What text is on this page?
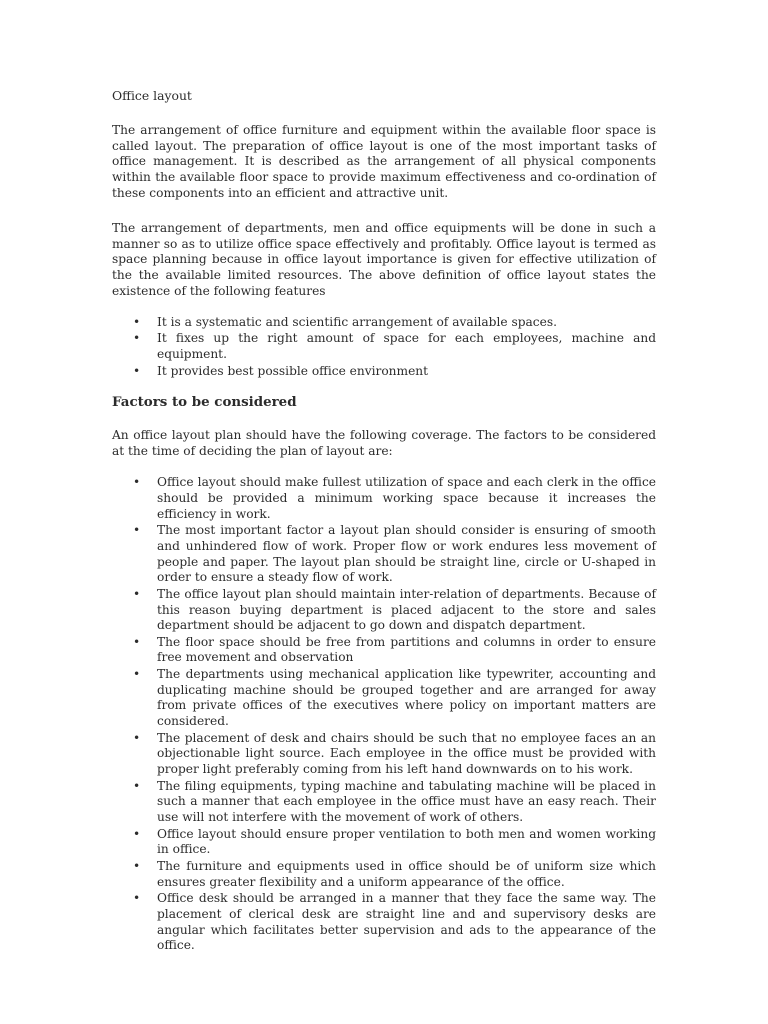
Office layout

The arrangement of office furniture and equipment within the available floor space is called layout. The preparation of office layout is one of the most important tasks of office management. It is described as the arrangement of all physical components within the available floor space to provide maximum effectiveness and co-ordination of these components into an efficient and attractive unit.

The arrangement of departments, men and office equipments will be done in such a manner so as to utilize office space effectively and profitably. Office layout is termed as space planning because in office layout importance is given for effective utilization of the the available limited resources. The above definition of office layout states the existence of the following features

• It is a systematic and scientific arrangement of available spaces.
• It fixes up the right amount of space for each employees, machine and equipment.
• It provides best possible office environment
Factors to be considered

An office layout plan should have the following coverage. The factors to be considered at the time of deciding the plan of layout are:

• Office layout should make fullest utilization of space and each clerk in the office should be provided a minimum working space because it increases the efficiency in work.
• The most important factor a layout plan should consider is ensuring of smooth and unhindered flow of work. Proper flow or work endures less movement of people and paper. The layout plan should be straight line, circle or U-shaped in order to ensure a steady flow of work.
• The office layout plan should maintain inter-relation of departments. Because of this reason buying department is placed adjacent to the store and sales department should be adjacent to go down and dispatch department.
• The floor space should be free from partitions and columns in order to ensure free movement and observation
• The departments using mechanical application like typewriter, accounting and duplicating machine should be grouped together and are arranged for away from private offices of the executives where policy on important matters are considered.
• The placement of desk and chairs should be such that no employee faces an an objectionable light source. Each employee in the office must be provided with proper light preferably coming from his left hand downwards on to his work.
• The filing equipments, typing machine and tabulating machine will be placed in such a manner that each employee in the office must have an easy reach. Their use will not interfere with the movement of work of others.
• Office layout should ensure proper ventilation to both men and women working in office.
• The furniture and equipments used in office should be of uniform size which ensures greater flexibility and a uniform appearance of the office.
• Office desk should be arranged in a manner that they face the same way. The placement of clerical desk are straight line and and supervisory desks are angular which facilitates better supervision and ads to the appearance of the office.
